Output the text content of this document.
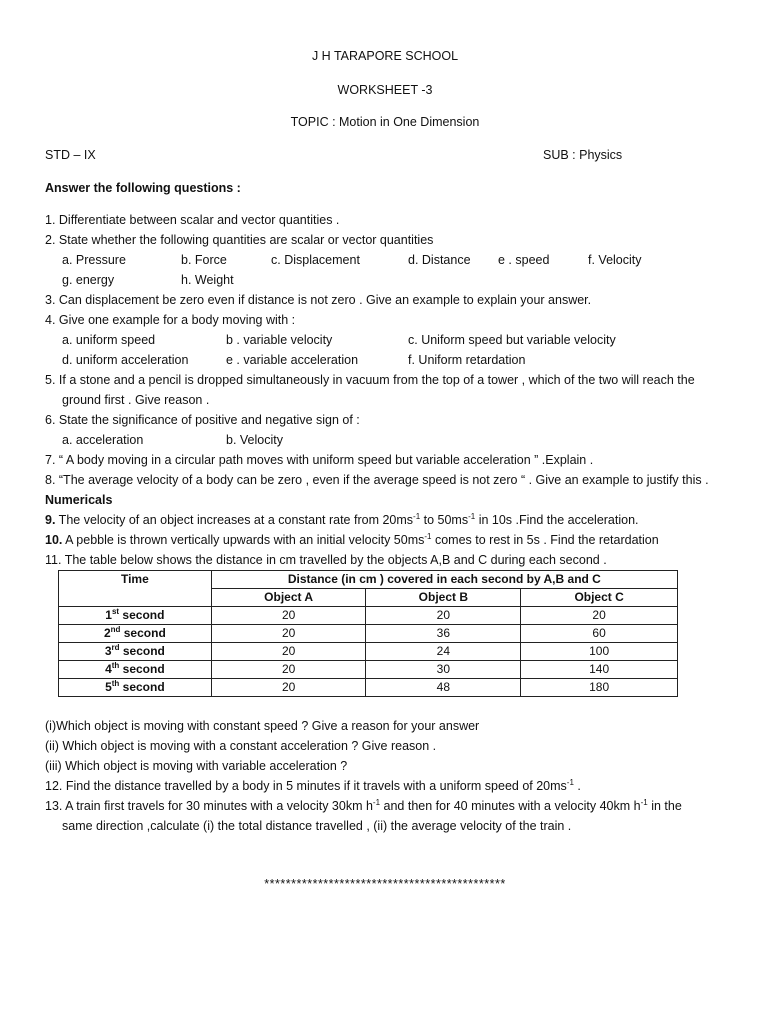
J H TARAPORE SCHOOL
WORKSHEET -3
TOPIC : Motion in One Dimension
STD – IX	SUB : Physics
Answer the following questions :
1. Differentiate between scalar and vector quantities .
2. State whether the following quantities are scalar or vector quantities
a. Pressure	b. Force	c. Displacement	d. Distance e . speed	f. Velocity
g. energy	h. Weight
3. Can displacement be zero even if distance is not zero . Give an example to explain your answer.
4. Give one example for a body moving with :
a. uniform speed	b . variable velocity	c. Uniform speed but variable velocity
d. uniform acceleration	e . variable acceleration	f. Uniform retardation
5. If a stone and a pencil is dropped simultaneously in vacuum from the top of a tower , which of the two will reach the
ground first . Give reason .
6. State the significance of positive and negative sign of :
a. acceleration	b. Velocity
7. “ A body moving in a circular path moves with uniform speed but variable acceleration ” .Explain .
8. “The average velocity of a body can be zero , even if the average speed is not zero “ . Give an example to justify this .
Numericals
9. The velocity of an object increases at a constant rate from $20ms^{-1}$ to $50ms^{-1}$ in 10s .Find the acceleration.
10. A pebble is thrown vertically upwards with an initial velocity $50ms^{-1}$ comes to rest in 5s . Find the retardation
11. The table below shows the distance in cm travelled by the objects A,B and C during each second .
Time	Distance (in cm ) covered in each second by A,B and C		
	Object A	Object B	Object C
1st second	20	20	20
2nd second	20	36	60
3rd second	20	24	100
4th second	20	30	140
5th second	20	48	180
(i)Which object is moving with constant speed ? Give a reason for your answer
(ii) Which object is moving with a constant acceleration ? Give reason .
(iii) Which object is moving with variable acceleration ?
12. Find the distance travelled by a body in 5 minutes if it travels with a uniform speed of $20ms^{-1}$ .
13. A train first travels for 30 minutes with a velocity 30km $h^{-1}$ and then for 40 minutes with a velocity 40km $h^{-1}$ in the
same direction ,calculate (i) the total distance travelled , (ii) the average velocity of the train .
*********************************************
